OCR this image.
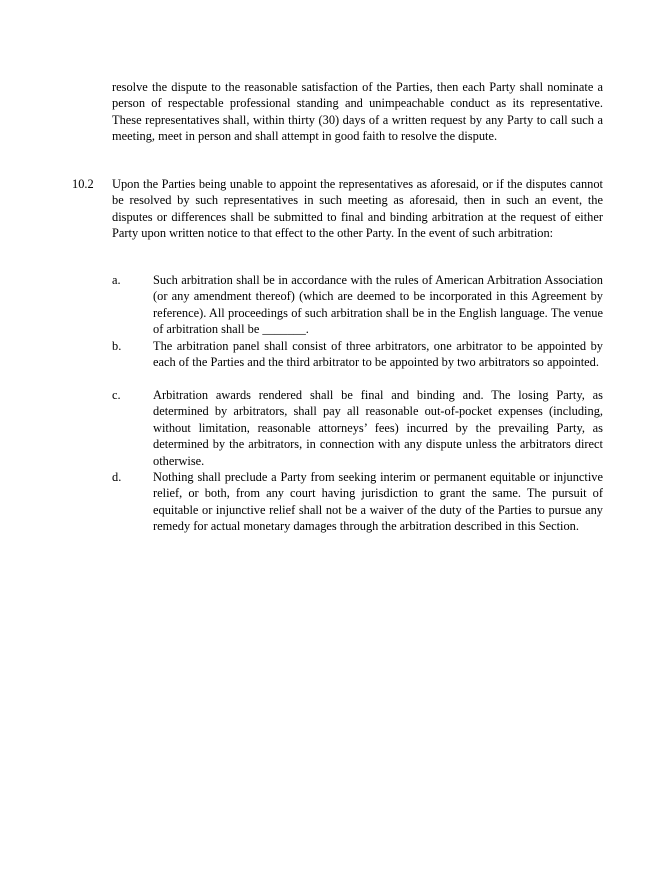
resolve the dispute to the reasonable satisfaction of the Parties, then each Party shall nominate a person of respectable professional standing and unimpeachable conduct as its representative. These representatives shall, within thirty (30) days of a written request by any Party to call such a meeting, meet in person and shall attempt in good faith to resolve the dispute.

10.2 Upon the Parties being unable to appoint the representatives as aforesaid, or if the disputes cannot be resolved by such representatives in such meeting as aforesaid, then in such an event, the disputes or differences shall be submitted to final and binding arbitration at the request of either Party upon written notice to that effect to the other Party. In the event of such arbitration:

a.	Such arbitration shall be in accordance with the rules of American Arbitration Association (or any amendment thereof) (which are deemed to be incorporated in this Agreement by reference). All proceedings of such arbitration shall be in the English language. The venue of arbitration shall be _______.

b.	The arbitration panel shall consist of three arbitrators, one arbitrator to be appointed by each of the Parties and the third arbitrator to be appointed by two arbitrators so appointed.

c.	Arbitration awards rendered shall be final and binding and. The losing Party, as determined by arbitrators, shall pay all reasonable out-of-pocket expenses (including, without limitation, reasonable attorneys’ fees) incurred by the prevailing Party, as determined by the arbitrators, in connection with any dispute unless the arbitrators direct otherwise.

d.	Nothing shall preclude a Party from seeking interim or permanent equitable or injunctive relief, or both, from any court having jurisdiction to grant the same. The pursuit of equitable or injunctive relief shall not be a waiver of the duty of the Parties to pursue any remedy for actual monetary damages through the arbitration described in this Section.
